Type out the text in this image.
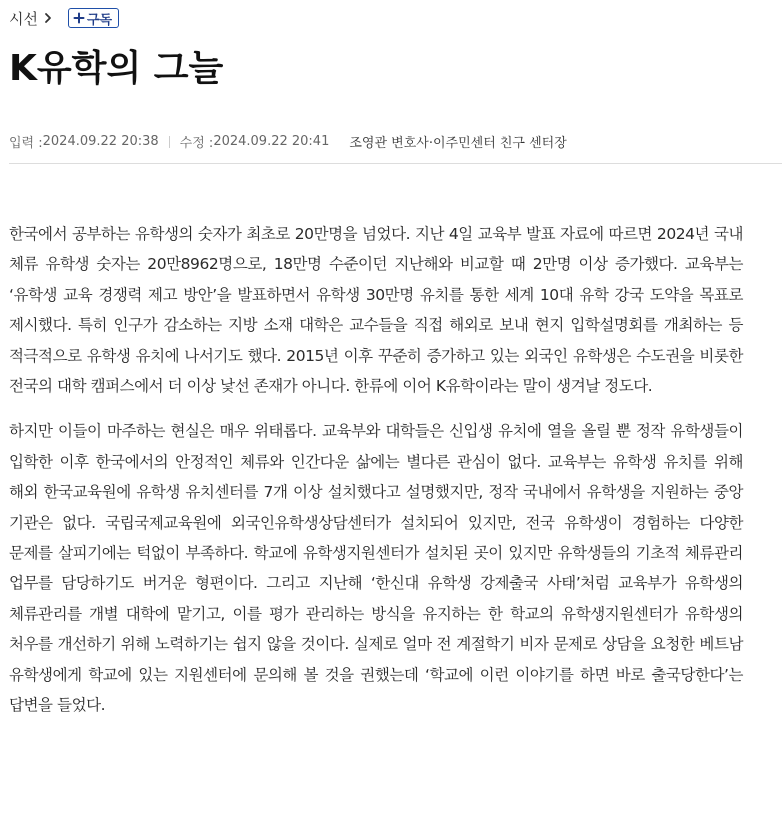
시선	구독
K유학의 그늘
입력 : 2024.09.22 20:38 수정 : 2024.09.22 20:41 조영관 변호사·이주민센터 친구 센터장

한국에서 공부하는 유학생의 숫자가 최초로 20만명을 넘었다. 지난 4일 교육부 발표 자료에 따르면 2024년 국내 체류 유학생 숫자는 20만8962명으로, 18만명 수준이던 지난해와 비교할 때 2만명 이상 증가했다. 교육부는 ‘유학생 교육 경쟁력 제고 방안’을 발표하면서 유학생 30만명 유치를 통한 세계 10대 유학 강국 도약을 목표로 제시했다. 특히 인구가 감소하는 지방 소재 대학은 교수들을 직접 해외로 보내 현지 입학설명회를 개최하는 등 적극적으로 유학생 유치에 나서기도 했다. 2015년 이후 꾸준히 증가하고 있는 외국인 유학생은 수도권을 비롯한 전국의 대학 캠퍼스에서 더 이상 낯선 존재가 아니다. 한류에 이어 K유학이라는 말이 생겨날 정도다.

하지만 이들이 마주하는 현실은 매우 위태롭다. 교육부와 대학들은 신입생 유치에 열을 올릴 뿐 정작 유학생들이 입학한 이후 한국에서의 안정적인 체류와 인간다운 삶에는 별다른 관심이 없다. 교육부는 유학생 유치를 위해 해외 한국교육원에 유학생 유치센터를 7개 이상 설치했다고 설명했지만, 정작 국내에서 유학생을 지원하는 중앙 기관은 없다. 국립국제교육원에 외국인유학생상담센터가 설치되어 있지만, 전국 유학생이 경험하는 다양한 문제를 살피기에는 턱없이 부족하다. 학교에 유학생지원센터가 설치된 곳이 있지만 유학생들의 기초적 체류관리 업무를 담당하기도 버거운 형편이다. 그리고 지난해 ‘한신대 유학생 강제출국 사태’처럼 교육부가 유학생의 체류관리를 개별 대학에 맡기고, 이를 평가 관리하는 방식을 유지하는 한 학교의 유학생지원센터가 유학생의 처우를 개선하기 위해 노력하기는 쉽지 않을 것이다. 실제로 얼마 전 계절학기 비자 문제로 상담을 요청한 베트남 유학생에게 학교에 있는 지원센터에 문의해 볼 것을 권했는데 ‘학교에 이런 이야기를 하면 바로 출국당한다’는 답변을 들었다.
